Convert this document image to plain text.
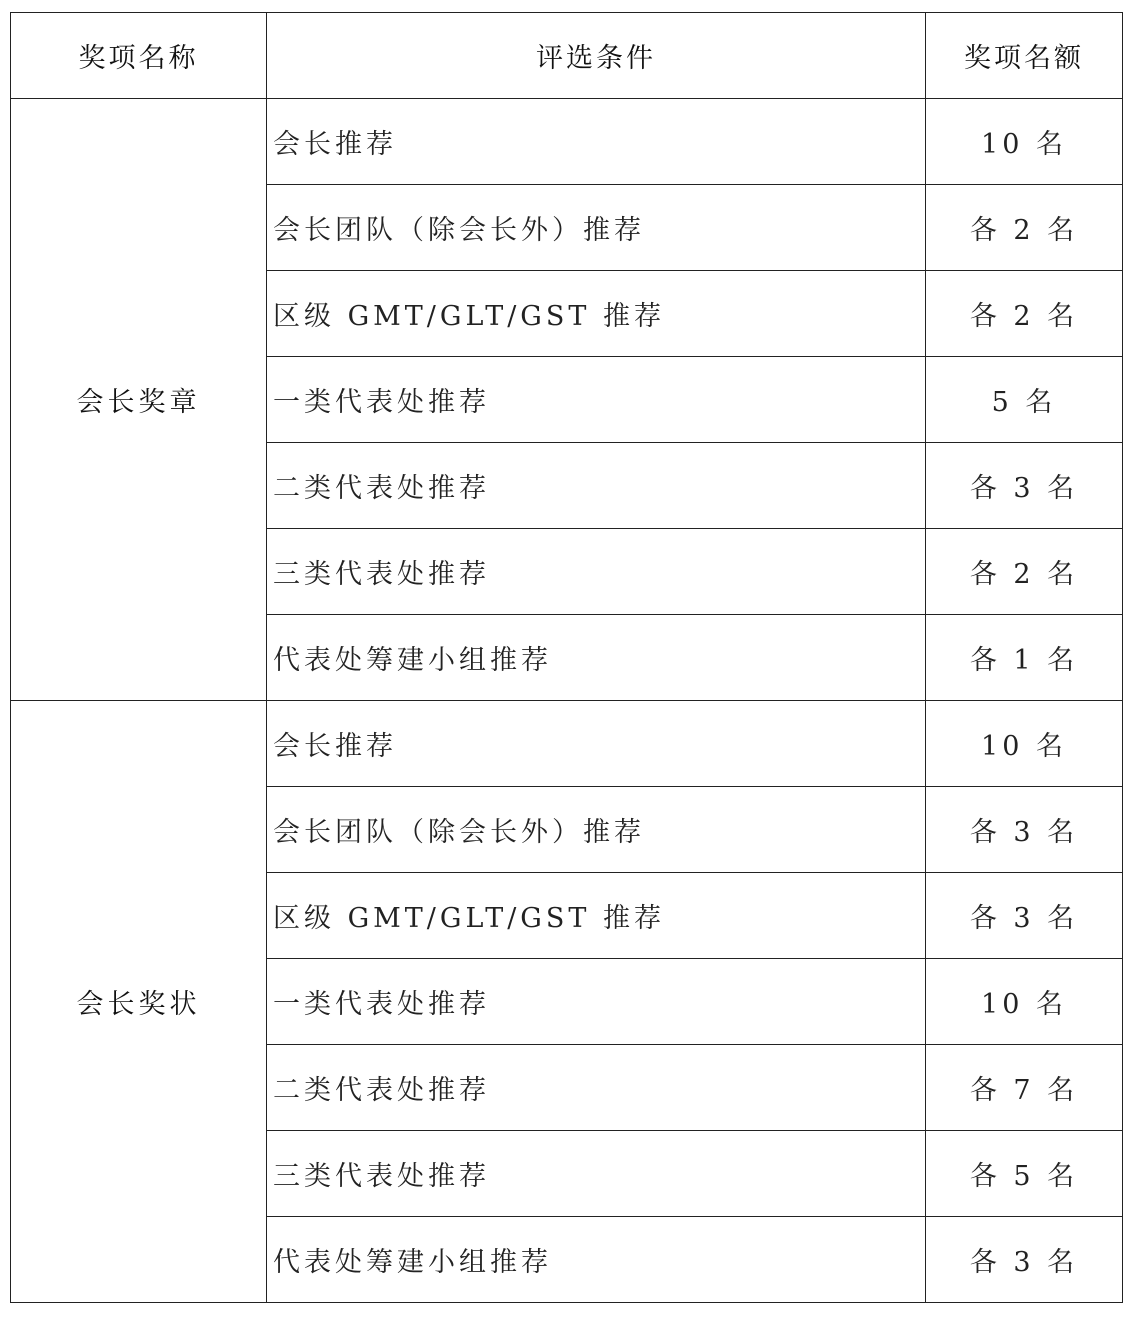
奖项名称	评选条件	奖项名额
会长奖章	会长推荐	10 名
	会长团队（除会长外）推荐	各 2 名
	区级 GMT/GLT/GST 推荐	各 2 名
	一类代表处推荐	5 名
	二类代表处推荐	各 3 名
	三类代表处推荐	各 2 名
	代表处筹建小组推荐	各 1 名
会长奖状	会长推荐	10 名
	会长团队（除会长外）推荐	各 3 名
	区级 GMT/GLT/GST 推荐	各 3 名
	一类代表处推荐	10 名
	二类代表处推荐	各 7 名
	三类代表处推荐	各 5 名
	代表处筹建小组推荐	各 3 名
